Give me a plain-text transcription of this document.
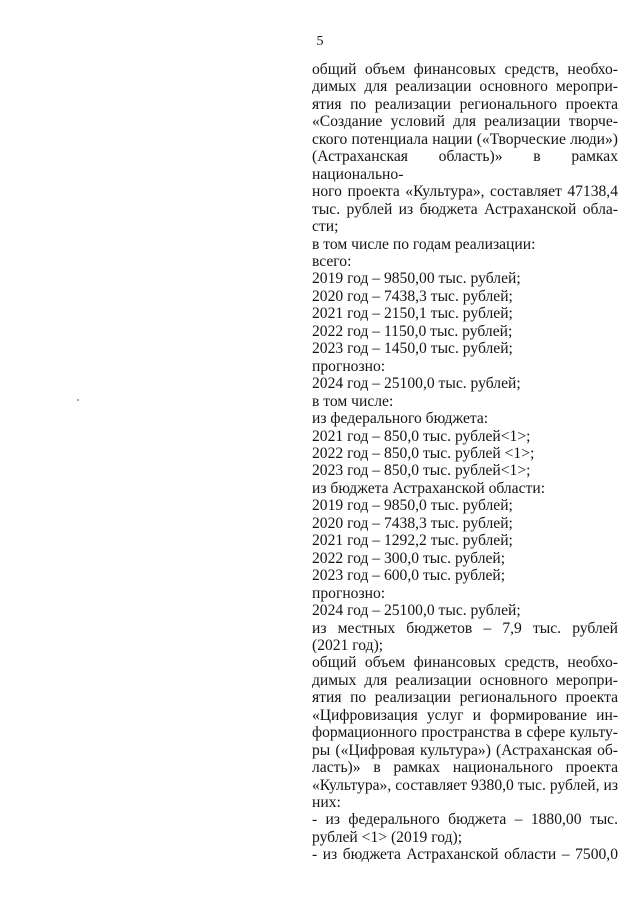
5

общий объем финансовых средств, необхо-

димых для реализации основного меропри-

ятия по реализации регионального проекта

«Создание условий для реализации творче-

ского потенциала нации («Творческие люди»)

(Астраханская область)» в рамках национально-

ного проекта «Культура», составляет 47138,4

тыс. рублей из бюджета Астраханской обла-

сти;

в том числе по годам реализации:

всего:

2019 год – 9850,00 тыс. рублей;

2020 год – 7438,3 тыс. рублей;

2021 год – 2150,1 тыс. рублей;

2022 год – 1150,0 тыс. рублей;

2023 год – 1450,0 тыс. рублей;

прогнозно:

2024 год – 25100,0 тыс. рублей;

в том числе:

из федерального бюджета:

2021 год – 850,0 тыс. рублей<1>;

2022 год – 850,0 тыс. рублей <1>;

2023 год – 850,0 тыс. рублей<1>;

из бюджета Астраханской области:

2019 год – 9850,0 тыс. рублей;

2020 год – 7438,3 тыс. рублей;

2021 год – 1292,2 тыс. рублей;

2022 год – 300,0 тыс. рублей;

2023 год – 600,0 тыс. рублей;

прогнозно:

2024 год – 25100,0 тыс. рублей;

из местных бюджетов – 7,9 тыс. рублей

(2021 год);

общий объем финансовых средств, необхо-

димых для реализации основного меропри-

ятия по реализации регионального проекта

«Цифровизация услуг и формирование ин-

формационного пространства в сфере культу-

ры («Цифровая культура») (Астраханская об-

ласть)» в рамках национального проекта

«Культура», составляет 9380,0 тыс. рублей, из

них:

- из федерального бюджета – 1880,00 тыс.

рублей <1> (2019 год);

- из бюджета Астраханской области – 7500,0
